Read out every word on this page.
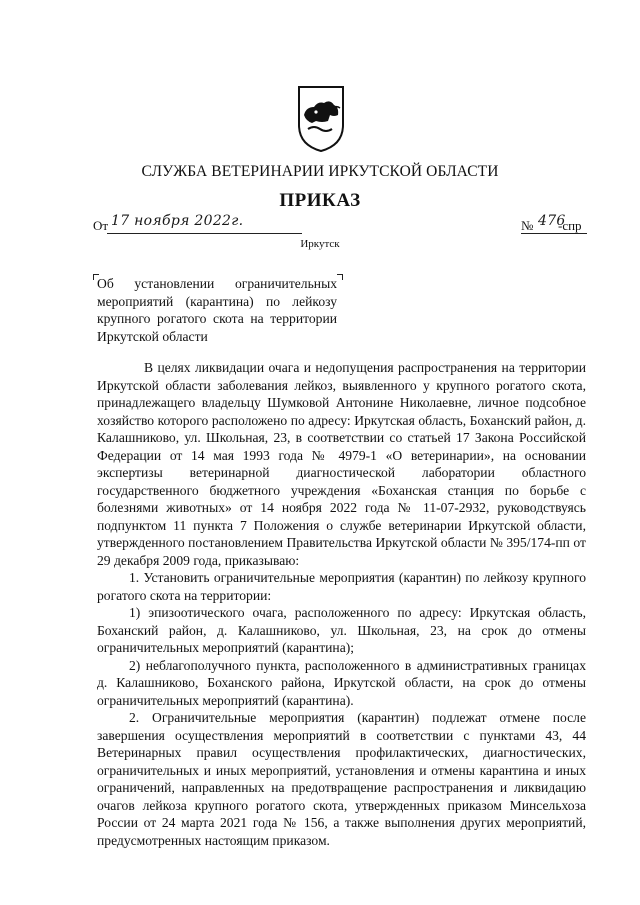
СЛУЖБА ВЕТЕРИНАРИИ ИРКУТСКОЙ ОБЛАСТИ
ПРИКАЗ
От 17 ноября 2022г.	№ 476
-спр
Иркутск
Об установлении ограничительных мероприятий (карантина) по лейкозу крупного рогатого скота на территории Иркутской области

В целях ликвидации очага и недопущения распространения на территории Иркутской области заболевания лейкоз, выявленного у крупного рогатого скота, принадлежащего владельцу Шумковой Антонине Николаевне, личное подсобное хозяйство которого расположено по адресу: Иркутская область, Боханский район, д. Калашниково, ул. Школьная, 23, в соответствии со статьей 17 Закона Российской Федерации от 14 мая 1993 года № 4979-1 «О ветеринарии», на основании экспертизы ветеринарной диагностической лаборатории областного государственного бюджетного учреждения «Боханская станция по борьбе с болезнями животных» от 14 ноября 2022 года № 11-07-2932, руководствуясь подпунктом 11 пункта 7 Положения о службе ветеринарии Иркутской области, утвержденного постановлением Правительства Иркутской области № 395/174-пп от 29 декабря 2009 года, приказываю:

1. Установить ограничительные мероприятия (карантин) по лейкозу крупного рогатого скота на территории:

1) эпизоотического очага, расположенного по адресу: Иркутская область, Боханский район, д. Калашниково, ул. Школьная, 23, на срок до отмены ограничительных мероприятий (карантина);

2) неблагополучного пункта, расположенного в административных границах д. Калашниково, Боханского района, Иркутской области, на срок до отмены ограничительных мероприятий (карантина).

2. Ограничительные мероприятия (карантин) подлежат отмене после завершения осуществления мероприятий в соответствии с пунктами 43, 44 Ветеринарных правил осуществления профилактических, диагностических, ограничительных и иных мероприятий, установления и отмены карантина и иных ограничений, направленных на предотвращение распространения и ликвидацию очагов лейкоза крупного рогатого скота, утвержденных приказом Минсельхоза России от 24 марта 2021 года № 156, а также выполнения других мероприятий, предусмотренных настоящим приказом.
